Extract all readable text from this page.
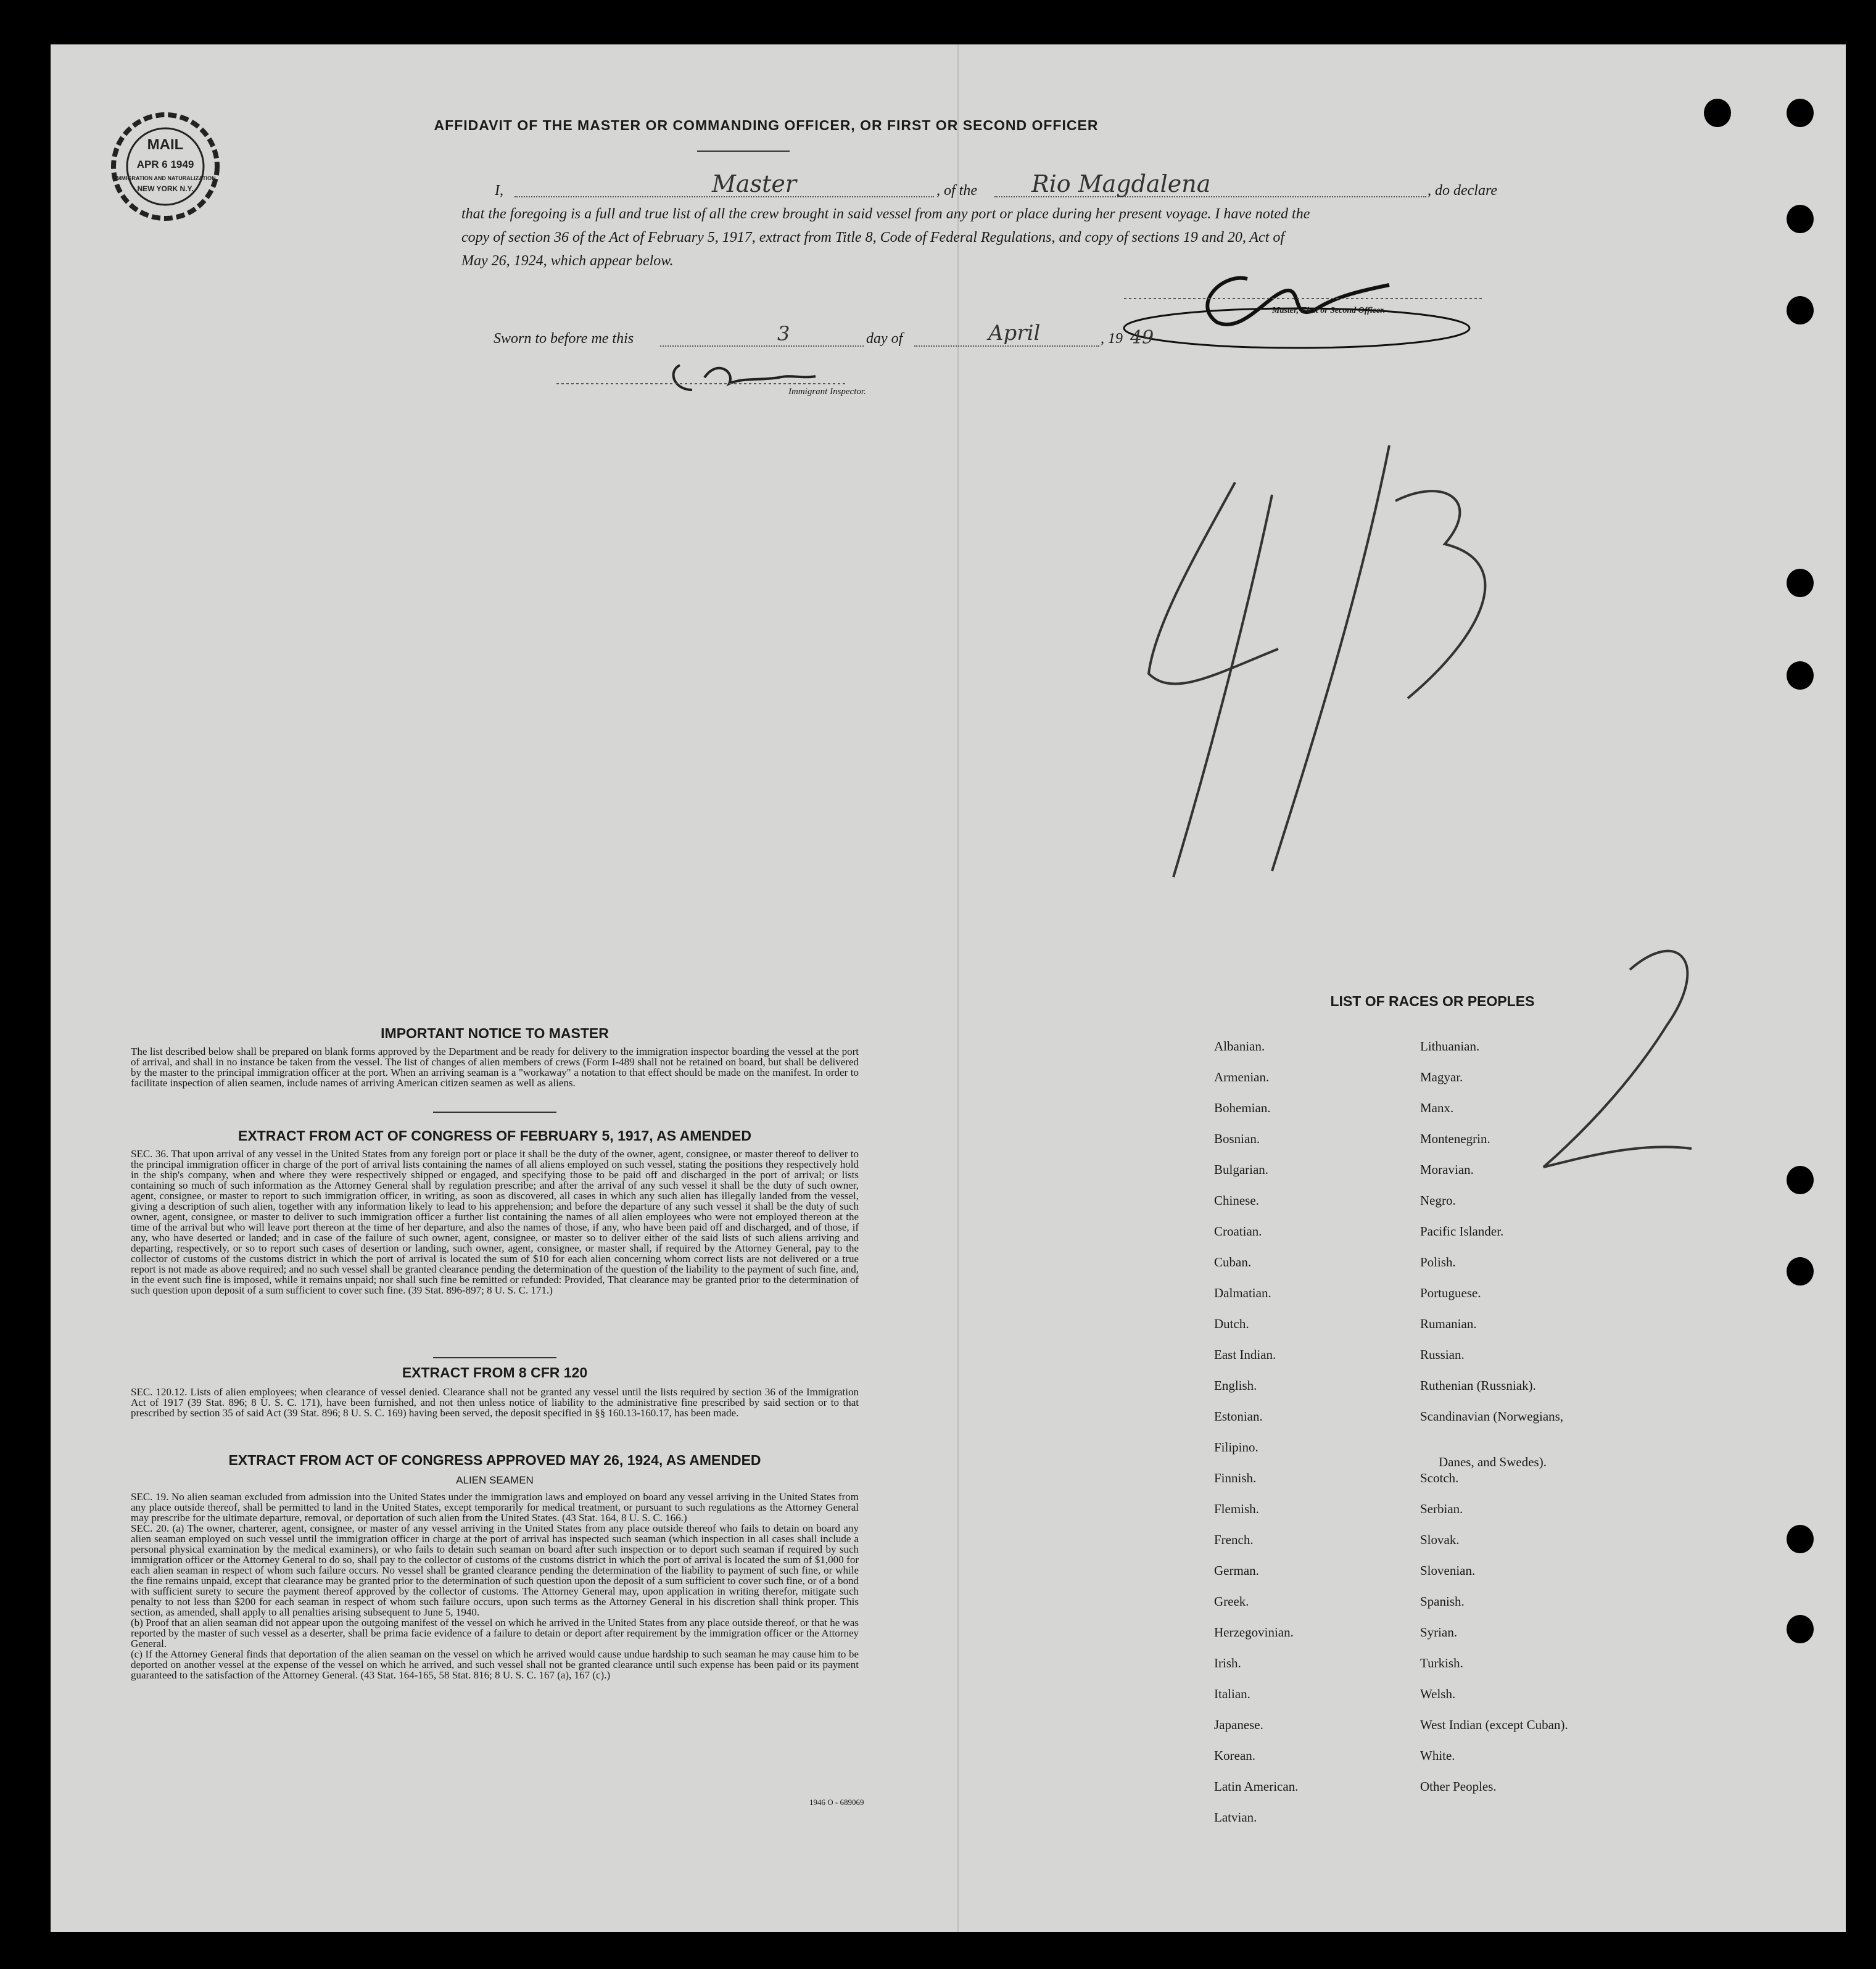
MAIL
APR 6 1949
IMMIGRATION AND NATURALIZATION
NEW YORK N.Y.
AFFIDAVIT OF THE MASTER OR COMMANDING OFFICER, OR FIRST OR SECOND OFFICER
I,	Master	, of the Rio Magdalena	, do declare
that the foregoing is a full and true list of all the crew brought in said vessel from any port or place during her present voyage. I have noted the
copy of section 36 of the Act of February 5, 1917, extract from Title 8, Code of Federal Regulations, and copy of sections 19 and 20, Act of
May 26, 1924, which appear below.
Master, First or Second Officer.
Sworn to before me this	3	day of	April	, 19 49
Immigrant Inspector.
41
2
IMPORTANT NOTICE TO MASTER
The list described below shall be prepared on blank forms approved by the Department and be ready for delivery to the immigration inspector boarding the vessel at the port of arrival, and shall in no instance be taken from the vessel. The list of changes of alien members of crews (Form I-489 shall not be retained on board, but shall be delivered by the master to the principal immigration officer at the port. When an arriving seaman is a "workaway" a notation to that effect should be made on the manifest. In order to facilitate inspection of alien seamen, include names of arriving American citizen seamen as well as aliens.
EXTRACT FROM ACT OF CONGRESS OF FEBRUARY 5, 1917, AS AMENDED
SEC. 36. That upon arrival of any vessel in the United States from any foreign port or place it shall be the duty of the owner, agent, consignee, or master thereof to deliver to the principal immigration officer in charge of the port of arrival lists containing the names of all aliens employed on such vessel, stating the positions they respectively hold in the ship's company, when and where they were respectively shipped or engaged, and specifying those to be paid off and discharged in the port of arrival; or lists containing so much of such information as the Attorney General shall by regulation prescribe; and after the arrival of any such vessel it shall be the duty of such owner, agent, consignee, or master to report to such immigration officer, in writing, as soon as discovered, all cases in which any such alien has illegally landed from the vessel, giving a description of such alien, together with any information likely to lead to his apprehension; and before the departure of any such vessel it shall be the duty of such owner, agent, consignee, or master to deliver to such immigration officer a further list containing the names of all alien employees who were not employed thereon at the time of the arrival but who will leave port thereon at the time of her departure, and also the names of those, if any, who have been paid off and discharged, and of those, if any, who have deserted or landed; and in case of the failure of such owner, agent, consignee, or master so to deliver either of the said lists of such aliens arriving and departing, respectively, or so to report such cases of desertion or landing, such owner, agent, consignee, or master shall, if required by the Attorney General, pay to the collector of customs of the customs district in which the port of arrival is located the sum of $10 for each alien concerning whom correct lists are not delivered or a true report is not made as above required; and no such vessel shall be granted clearance pending the determination of the question of the liability to the payment of such fine, and, in the event such fine is imposed, while it remains unpaid; nor shall such fine be remitted or refunded: Provided, That clearance may be granted prior to the determination of such question upon deposit of a sum sufficient to cover such fine. (39 Stat. 896-897; 8 U. S. C. 171.)
EXTRACT FROM 8 CFR 120
SEC. 120.12. Lists of alien employees; when clearance of vessel denied. Clearance shall not be granted any vessel until the lists required by section 36 of the Immigration Act of 1917 (39 Stat. 896; 8 U. S. C. 171), have been furnished, and not then unless notice of liability to the administrative fine prescribed by said section or to that prescribed by section 35 of said Act (39 Stat. 896; 8 U. S. C. 169) having been served, the deposit specified in §§ 160.13-160.17, has been made.
EXTRACT FROM ACT OF CONGRESS APPROVED MAY 26, 1924, AS AMENDED
ALIEN SEAMEN
SEC. 19. No alien seaman excluded from admission into the United States under the immigration laws and employed on board any vessel arriving in the United States from any place outside thereof, shall be permitted to land in the United States, except temporarily for medical treatment, or pursuant to such regulations as the Attorney General may prescribe for the ultimate departure, removal, or deportation of such alien from the United States. (43 Stat. 164, 8 U. S. C. 166.)
SEC. 20. (a) The owner, charterer, agent, consignee, or master of any vessel arriving in the United States from any place outside thereof who fails to detain on board any alien seaman employed on such vessel until the immigration officer in charge at the port of arrival has inspected such seaman (which inspection in all cases shall include a personal physical examination by the medical examiners), or who fails to detain such seaman on board after such inspection or to deport such seaman if required by such immigration officer or the Attorney General to do so, shall pay to the collector of customs of the customs district in which the port of arrival is located the sum of $1,000 for each alien seaman in respect of whom such failure occurs. No vessel shall be granted clearance pending the determination of the liability to payment of such fine, or while the fine remains unpaid, except that clearance may be granted prior to the determination of such question upon the deposit of a sum sufficient to cover such fine, or of a bond with sufficient surety to secure the payment thereof approved by the collector of customs. The Attorney General may, upon application in writing therefor, mitigate such penalty to not less than $200 for each seaman in respect of whom such failure occurs, upon such terms as the Attorney General in his discretion shall think proper. This section, as amended, shall apply to all penalties arising subsequent to June 5, 1940.
(b) Proof that an alien seaman did not appear upon the outgoing manifest of the vessel on which he arrived in the United States from any place outside thereof, or that he was reported by the master of such vessel as a deserter, shall be prima facie evidence of a failure to detain or deport after requirement by the immigration officer or the Attorney General.
(c) If the Attorney General finds that deportation of the alien seaman on the vessel on which he arrived would cause undue hardship to such seaman he may cause him to be deported on another vessel at the expense of the vessel on which he arrived, and such vessel shall not be granted clearance until such expense has been paid or its payment guaranteed to the satisfaction of the Attorney General. (43 Stat. 164-165, 58 Stat. 816; 8 U. S. C. 167 (a), 167 (c).)
1946 O - 689069
LIST OF RACES OR PEOPLES
Albanian.
Armenian.
Bohemian.
Bosnian.
Bulgarian.
Chinese.
Croatian.
Cuban.
Dalmatian.
Dutch.
East Indian.
English.
Estonian.
Filipino.
Finnish.
Flemish.
French.
German.
Greek.
Herzegovinian.
Irish.
Italian.
Japanese.
Korean.
Latin American.
Latvian.
Lithuanian.
Magyar.
Manx.
Montenegrin.
Moravian.
Negro.
Pacific Islander.
Polish.
Portuguese.
Rumanian.
Russian.
Ruthenian (Russniak).
Scandinavian (Norwegians,
Danes, and Swedes).
Scotch.
Serbian.
Slovak.
Slovenian.
Spanish.
Syrian.
Turkish.
Welsh.
West Indian (except Cuban).
White.
Other Peoples.
